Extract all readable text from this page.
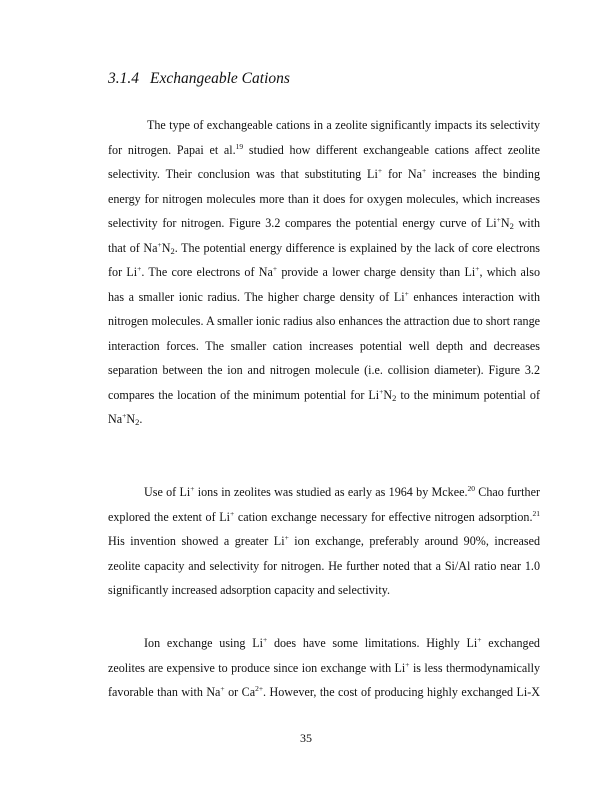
3.1.4 Exchangeable Cations
The type of exchangeable cations in a zeolite significantly impacts its selectivity
for nitrogen. Papai et al.$^{19}$ studied how different exchangeable cations affect zeolite
selectivity. Their conclusion was that substituting Li+ for Na+ increases the binding
energy for nitrogen molecules more than it does for oxygen molecules, which increases
selectivity for nitrogen. Figure 3.2 compares the potential energy curve of $Li^+N_2$ with
that of $Na^+N_2$. The potential energy difference is explained by the lack of core electrons
for Li+. The core electrons of Na+ provide a lower charge density than Li+, which also
has a smaller ionic radius. The higher charge density of Li+ enhances interaction with
nitrogen molecules. A smaller ionic radius also enhances the attraction due to short range
interaction forces. The smaller cation increases potential well depth and decreases
separation between the ion and nitrogen molecule (i.e. collision diameter). Figure 3.2
compares the location of the minimum potential for $Li^+N_2$ to the minimum potential of
$Na^+N_2$.
Use of Li+ ions in zeolites was studied as early as 1964 by Mckee.$^{20}$ Chao further
explored the extent of Li+ cation exchange necessary for effective nitrogen adsorption.$^{21}$
His invention showed a greater Li+ ion exchange, preferably around 90%, increased
zeolite capacity and selectivity for nitrogen. He further noted that a Si/Al ratio near 1.0
significantly increased adsorption capacity and selectivity.
Ion exchange using Li+ does have some limitations. Highly Li+ exchanged
zeolites are expensive to produce since ion exchange with Li+ is less thermodynamically
favorable than with Na+ or $Ca^{2+}$. However, the cost of producing highly exchanged Li-X
35
